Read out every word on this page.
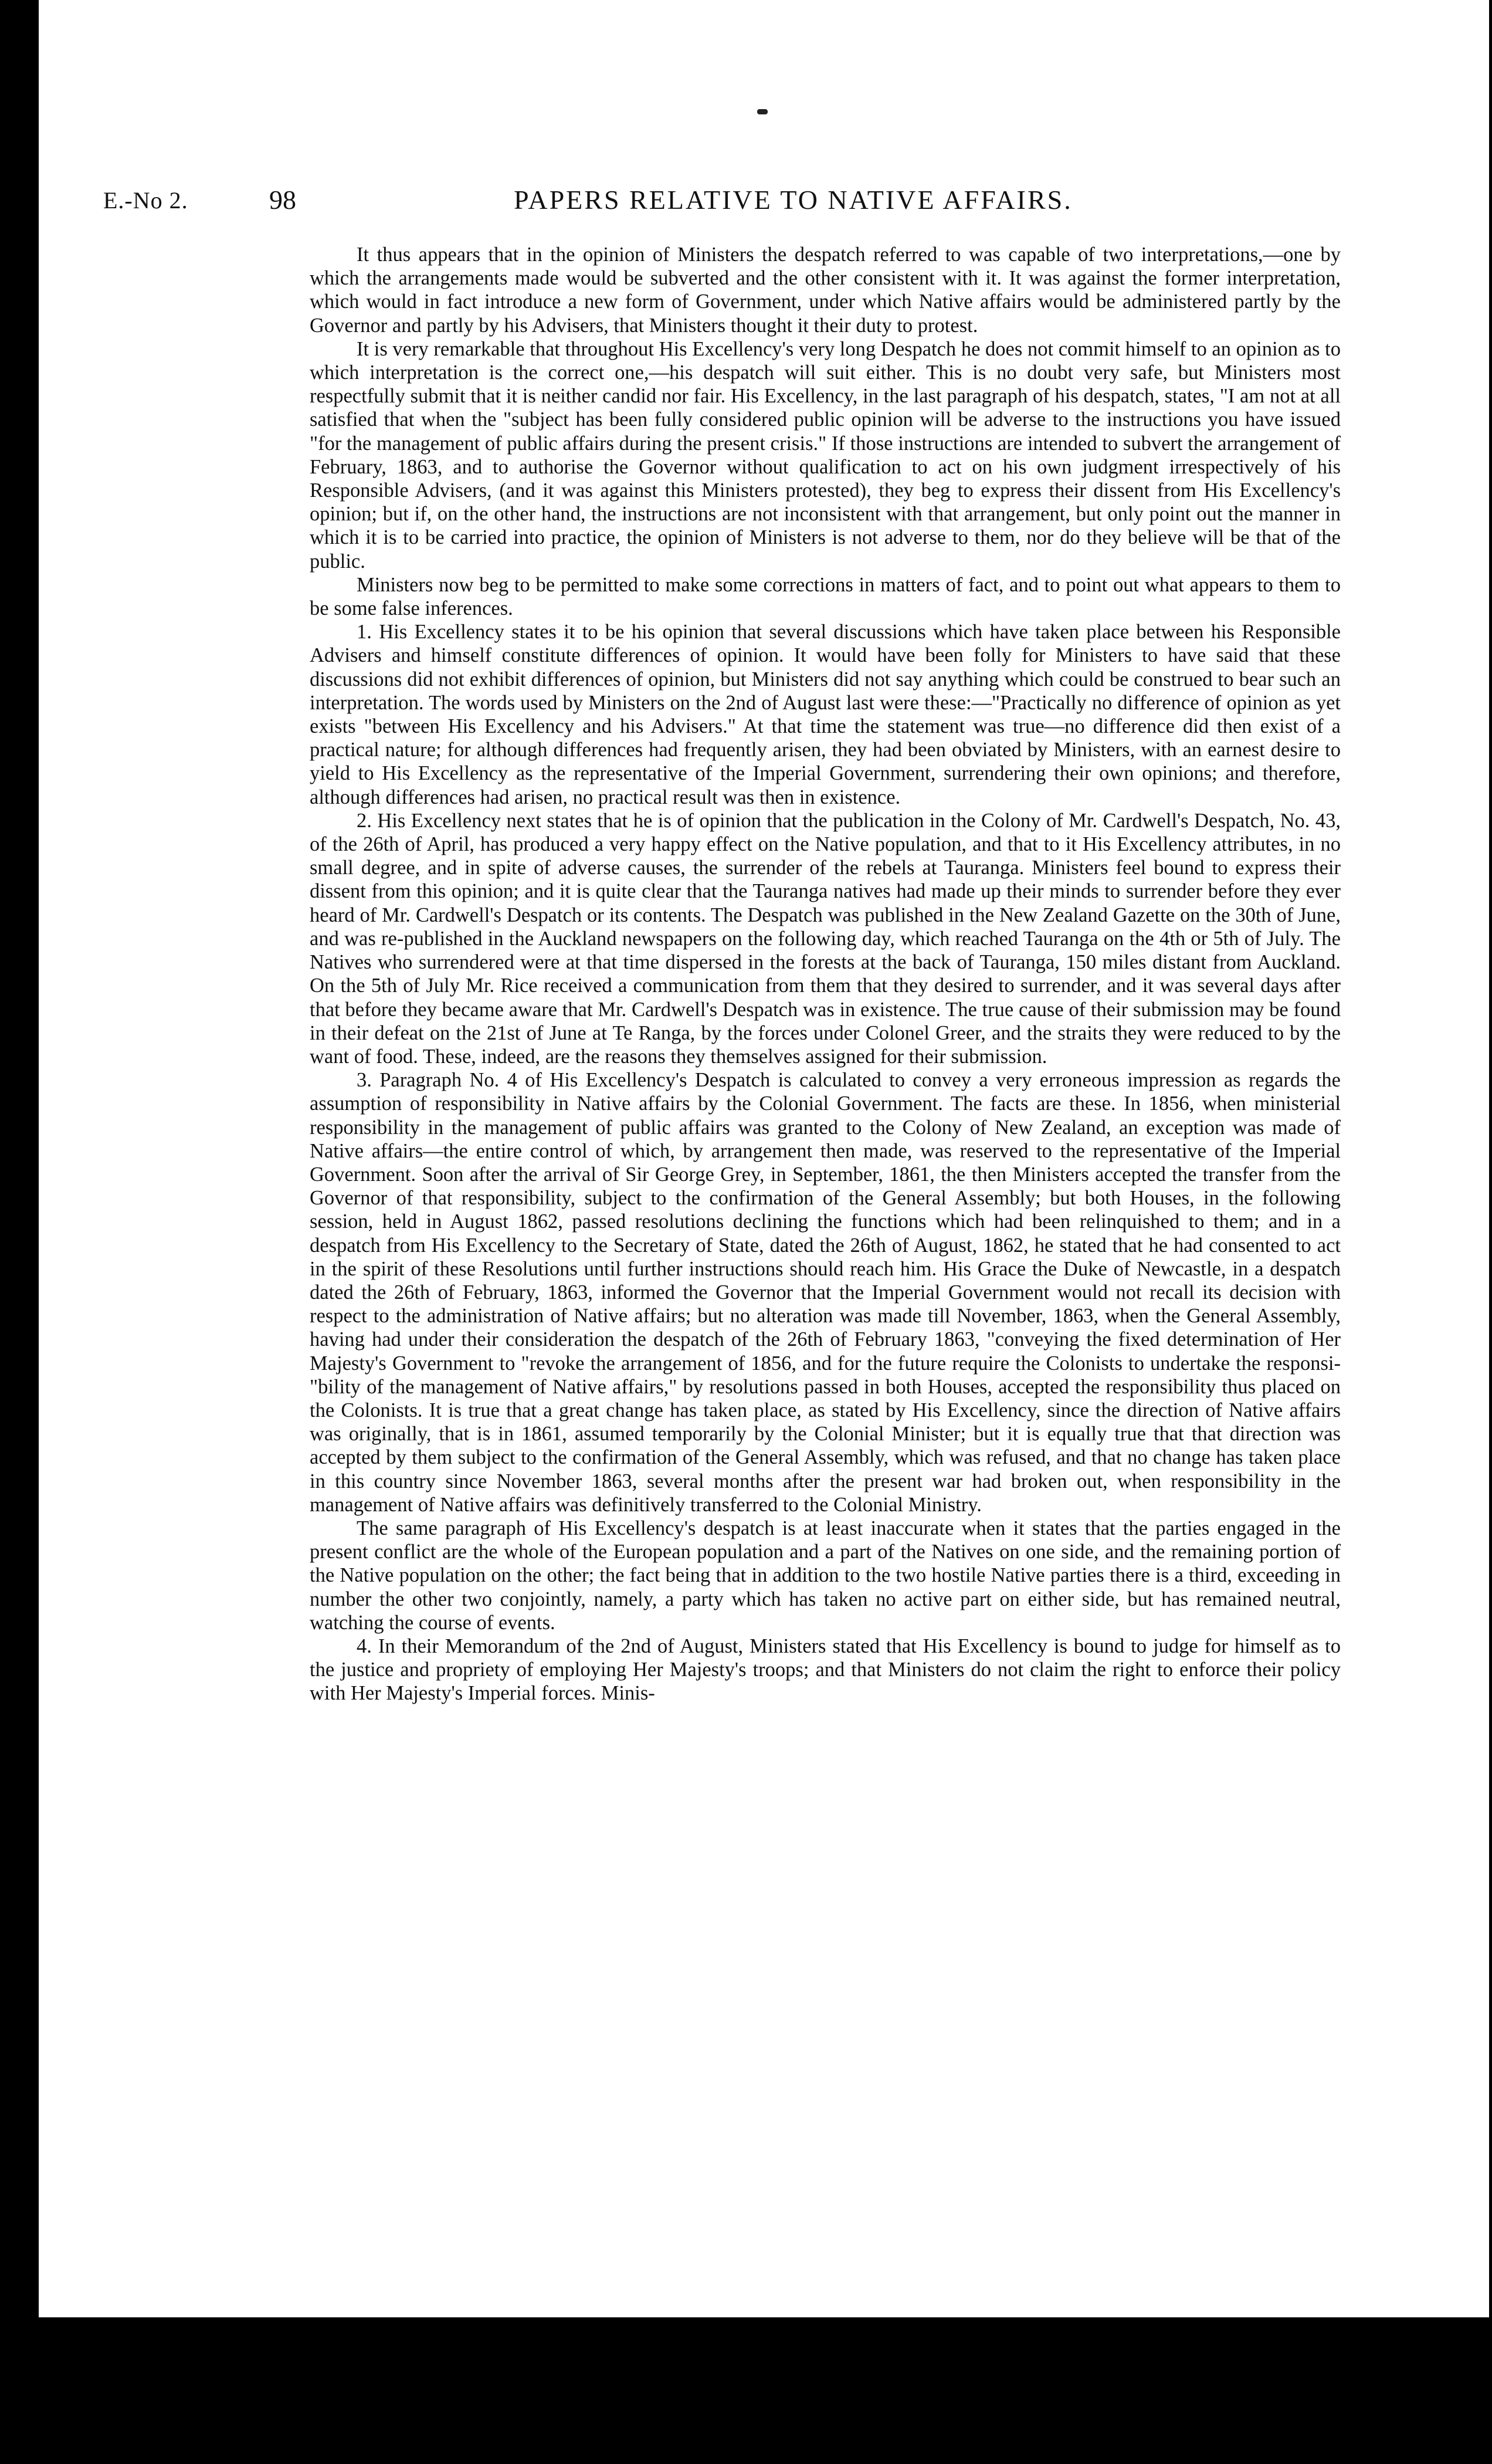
E.-No 2.	98	PAPERS RELATIVE TO NATIVE AFFAIRS.

It thus appears that in the opinion of Ministers the despatch referred to was capable of two interpretations,—one by which the arrangements made would be subverted and the other consistent with it. It was against the former interpretation, which would in fact introduce a new form of Government, under which Native affairs would be administered partly by the Governor and partly by his Advisers, that Ministers thought it their duty to protest.

It is very remarkable that throughout His Excellency's very long Despatch he does not commit himself to an opinion as to which interpretation is the correct one,—his despatch will suit either. This is no doubt very safe, but Ministers most respectfully submit that it is neither candid nor fair. His Excellency, in the last paragraph of his despatch, states, "I am not at all satisfied that when the "subject has been fully considered public opinion will be adverse to the instructions you have issued "for the management of public affairs during the present crisis." If those instructions are intended to subvert the arrangement of February, 1863, and to authorise the Governor without qualification to act on his own judgment irrespectively of his Responsible Advisers, (and it was against this Ministers protested), they beg to express their dissent from His Excellency's opinion; but if, on the other hand, the instructions are not inconsistent with that arrangement, but only point out the manner in which it is to be carried into practice, the opinion of Ministers is not adverse to them, nor do they believe will be that of the public.

Ministers now beg to be permitted to make some corrections in matters of fact, and to point out what appears to them to be some false inferences.

1. His Excellency states it to be his opinion that several discussions which have taken place between his Responsible Advisers and himself constitute differences of opinion. It would have been folly for Ministers to have said that these discussions did not exhibit differences of opinion, but Ministers did not say anything which could be construed to bear such an interpretation. The words used by Ministers on the 2nd of August last were these:—"Practically no difference of opinion as yet exists "between His Excellency and his Advisers." At that time the statement was true—no difference did then exist of a practical nature; for although differences had frequently arisen, they had been obviated by Ministers, with an earnest desire to yield to His Excellency as the representative of the Imperial Government, surrendering their own opinions; and therefore, although differences had arisen, no practical result was then in existence.

2. His Excellency next states that he is of opinion that the publication in the Colony of Mr. Cardwell's Despatch, No. 43, of the 26th of April, has produced a very happy effect on the Native population, and that to it His Excellency attributes, in no small degree, and in spite of adverse causes, the surrender of the rebels at Tauranga. Ministers feel bound to express their dissent from this opinion; and it is quite clear that the Tauranga natives had made up their minds to surrender before they ever heard of Mr. Cardwell's Despatch or its contents. The Despatch was published in the New Zealand Gazette on the 30th of June, and was re-published in the Auckland newspapers on the following day, which reached Tauranga on the 4th or 5th of July. The Natives who surrendered were at that time dispersed in the forests at the back of Tauranga, 150 miles distant from Auckland. On the 5th of July Mr. Rice received a communication from them that they desired to surrender, and it was several days after that before they became aware that Mr. Cardwell's Despatch was in existence. The true cause of their submission may be found in their defeat on the 21st of June at Te Ranga, by the forces under Colonel Greer, and the straits they were reduced to by the want of food. These, indeed, are the reasons they themselves assigned for their submission.

3. Paragraph No. 4 of His Excellency's Despatch is calculated to convey a very erroneous impression as regards the assumption of responsibility in Native affairs by the Colonial Government. The facts are these. In 1856, when ministerial responsibility in the management of public affairs was granted to the Colony of New Zealand, an exception was made of Native affairs—the entire control of which, by arrangement then made, was reserved to the representative of the Imperial Government. Soon after the arrival of Sir George Grey, in September, 1861, the then Ministers accepted the transfer from the Governor of that responsibility, subject to the confirmation of the General Assembly; but both Houses, in the following session, held in August 1862, passed resolutions declining the functions which had been relinquished to them; and in a despatch from His Excellency to the Secretary of State, dated the 26th of August, 1862, he stated that he had consented to act in the spirit of these Resolutions until further instructions should reach him. His Grace the Duke of Newcastle, in a despatch dated the 26th of February, 1863, informed the Governor that the Imperial Government would not recall its decision with respect to the administration of Native affairs; but no alteration was made till November, 1863, when the General Assembly, having had under their consideration the despatch of the 26th of February 1863, "conveying the fixed determination of Her Majesty's Government to "revoke the arrangement of 1856, and for the future require the Colonists to undertake the responsi- "bility of the management of Native affairs," by resolutions passed in both Houses, accepted the responsibility thus placed on the Colonists. It is true that a great change has taken place, as stated by His Excellency, since the direction of Native affairs was originally, that is in 1861, assumed temporarily by the Colonial Minister; but it is equally true that that direction was accepted by them subject to the confirmation of the General Assembly, which was refused, and that no change has taken place in this country since November 1863, several months after the present war had broken out, when responsibility in the management of Native affairs was definitively transferred to the Colonial Ministry.

The same paragraph of His Excellency's despatch is at least inaccurate when it states that the parties engaged in the present conflict are the whole of the European population and a part of the Natives on one side, and the remaining portion of the Native population on the other; the fact being that in addition to the two hostile Native parties there is a third, exceeding in number the other two conjointly, namely, a party which has taken no active part on either side, but has remained neutral, watching the course of events.

4. In their Memorandum of the 2nd of August, Ministers stated that His Excellency is bound to judge for himself as to the justice and propriety of employing Her Majesty's troops; and that Ministers do not claim the right to enforce their policy with Her Majesty's Imperial forces. Minis-
